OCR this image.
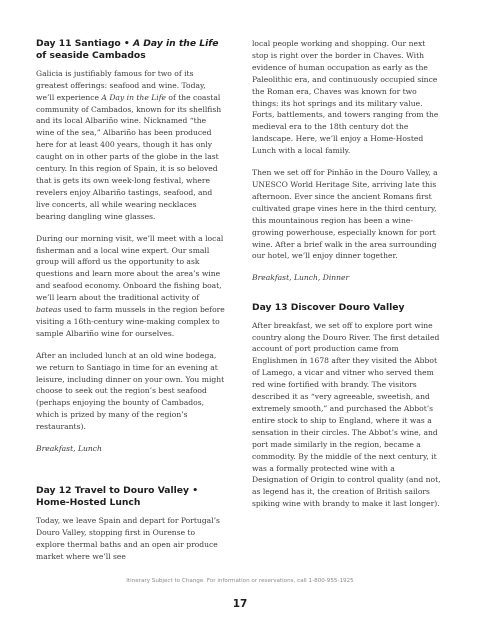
Day 11 Santiago • A Day in the Life of seaside Cambados

Galicia is justifiably famous for two of its greatest offerings: seafood and wine. Today, we’ll experience A Day in the Life of the coastal community of Cambados, known for its shellfish and its local Albariño wine. Nicknamed “the wine of the sea,” Albariño has been produced here for at least 400 years, though it has only caught on in other parts of the globe in the last century. In this region of Spain, it is so beloved that is gets its own week-long festival, where revelers enjoy Albariño tastings, seafood, and live concerts, all while wearing necklaces bearing dangling wine glasses.

During our morning visit, we’ll meet with a local fisherman and a local wine expert. Our small group will afford us the opportunity to ask questions and learn more about the area’s wine and seafood economy. Onboard the fishing boat, we’ll learn about the traditional activity of bateas used to farm mussels in the region before visiting a 16th-century wine-making complex to sample Albariño wine for ourselves.

After an included lunch at an old wine bodega, we return to Santiago in time for an evening at leisure, including dinner on your own. You might choose to seek out the region’s best seafood (perhaps enjoying the bounty of Cambados, which is prized by many of the region’s restaurants).

Breakfast, Lunch

Day 12 Travel to Douro Valley • Home-Hosted Lunch

Today, we leave Spain and depart for Portugal’s Douro Valley, stopping first in Ourense to explore thermal baths and an open air produce market where we’ll see

local people working and shopping. Our next stop is right over the border in Chaves. With evidence of human occupation as early as the Paleolithic era, and continuously occupied since the Roman era, Chaves was known for two things: its hot springs and its military value. Forts, battlements, and towers ranging from the medieval era to the 18th century dot the landscape. Here, we’ll enjoy a Home-Hosted Lunch with a local family.

Then we set off for Pinhão in the Douro Valley, a UNESCO World Heritage Site, arriving late this afternoon. Ever since the ancient Romans first cultivated grape vines here in the third century, this mountainous region has been a wine-growing powerhouse, especially known for port wine. After a brief walk in the area surrounding our hotel, we’ll enjoy dinner together.

Breakfast, Lunch, Dinner

Day 13 Discover Douro Valley

After breakfast, we set off to explore port wine country along the Douro River. The first detailed account of port production came from Englishmen in 1678 after they visited the Abbot of Lamego, a vicar and vitner who served them red wine fortified with brandy. The visitors described it as “very agreeable, sweetish, and extremely smooth,” and purchased the Abbot’s entire stock to ship to England, where it was a sensation in their circles. The Abbot’s wine, and port made similarly in the region, became a commodity. By the middle of the next century, it was a formally protected wine with a Designation of Origin to control quality (and not, as legend has it, the creation of British sailors spiking wine with brandy to make it last longer).

Itinerary Subject to Change. For information or reservations, call 1-800-955-1925
17
